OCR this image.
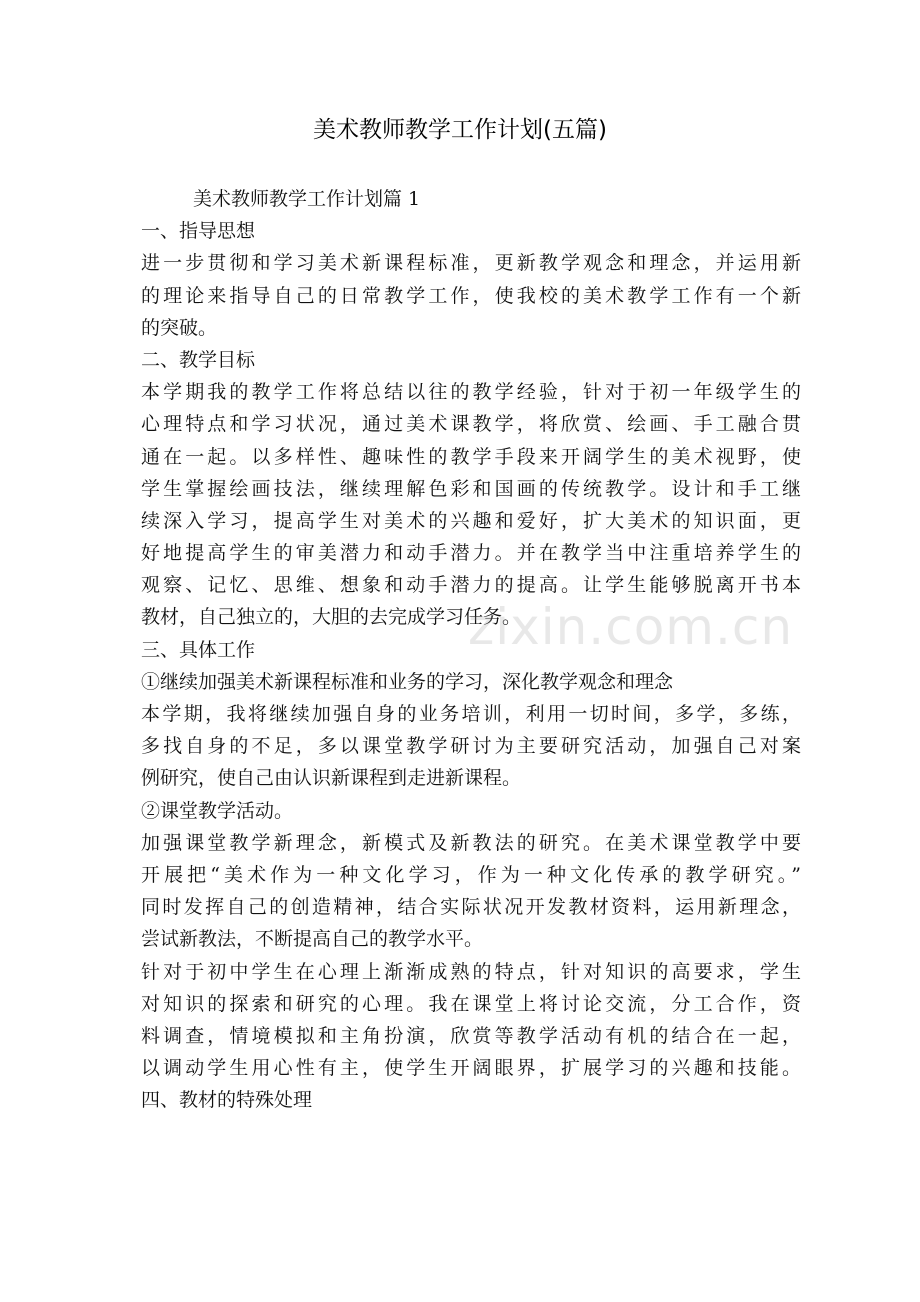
美术教师教学工作计划(五篇)
美术教师教学工作计划篇 1
一、指导思想
进一步贯彻和学习美术新课程标准，更新教学观念和理念，并运用新
的理论来指导自己的日常教学工作，使我校的美术教学工作有一个新
的突破。
二、教学目标
本学期我的教学工作将总结以往的教学经验，针对于初一年级学生的
心理特点和学习状况，通过美术课教学，将欣赏、绘画、手工融合贯
通在一起。以多样性、趣味性的教学手段来开阔学生的美术视野，使
学生掌握绘画技法，继续理解色彩和国画的传统教学。设计和手工继
续深入学习，提高学生对美术的兴趣和爱好，扩大美术的知识面，更
好地提高学生的审美潜力和动手潜力。并在教学当中注重培养学生的
观察、记忆、思维、想象和动手潜力的提高。让学生能够脱离开书本
教材，自己独立的，大胆的去完成学习任务。
三、具体工作
①继续加强美术新课程标准和业务的学习，深化教学观念和理念
本学期，我将继续加强自身的业务培训，利用一切时间，多学，多练，
多找自身的不足，多以课堂教学研讨为主要研究活动，加强自己对案
例研究，使自己由认识新课程到走进新课程。
②课堂教学活动。
加强课堂教学新理念，新模式及新教法的研究。在美术课堂教学中要
开展把“美术作为一种文化学习，作为一种文化传承的教学研究。”
同时发挥自己的创造精神，结合实际状况开发教材资料，运用新理念，
尝试新教法，不断提高自己的教学水平。
针对于初中学生在心理上渐渐成熟的特点，针对知识的高要求，学生
对知识的探索和研究的心理。我在课堂上将讨论交流，分工合作，资
料调查，情境模拟和主角扮演，欣赏等教学活动有机的结合在一起，
以调动学生用心性有主，使学生开阔眼界，扩展学习的兴趣和技能。
四、教材的特殊处理
zixin.com.cn
